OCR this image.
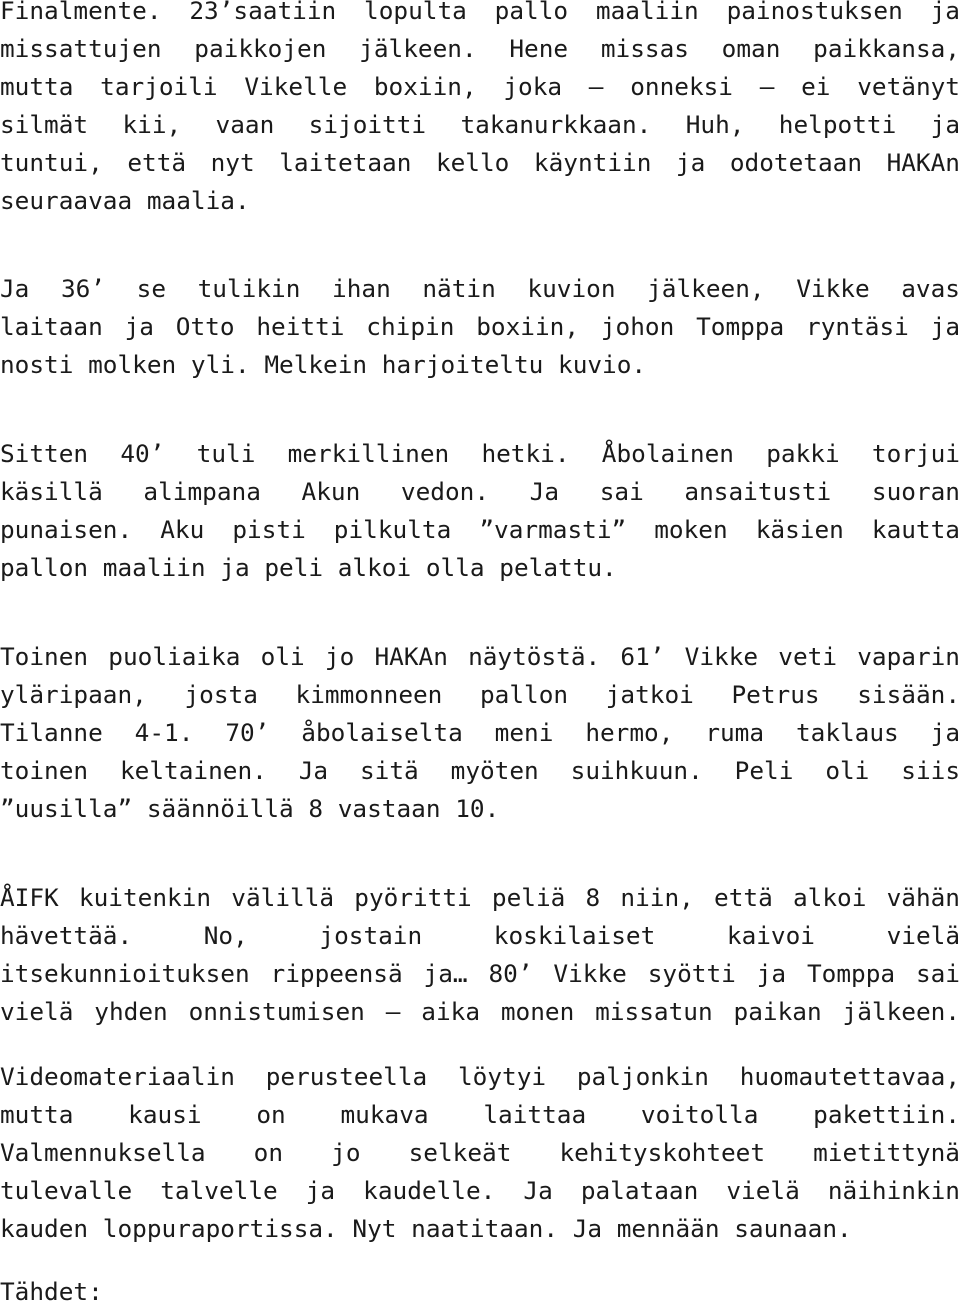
Finalmente. 23’saatiin lopulta pallo maaliin painostuksen ja
missattujen paikkojen jälkeen. Hene missas oman paikkansa,
mutta tarjoili Vikelle boxiin, joka – onneksi – ei vetänyt
silmät kii, vaan sijoitti takanurkkaan. Huh, helpotti ja
tuntui, että nyt laitetaan kello käyntiin ja odotetaan HAKAn
seuraavaa maalia.
Ja 36’ se tulikin ihan nätin kuvion jälkeen, Vikke avas
laitaan ja Otto heitti chipin boxiin, johon Tomppa ryntäsi ja
nosti molken yli. Melkein harjoiteltu kuvio.
Sitten 40’ tuli merkillinen hetki. Åbolainen pakki torjui
käsillä alimpana Akun vedon. Ja sai ansaitusti suoran
punaisen. Aku pisti pilkulta ”varmasti” moken käsien kautta
pallon maaliin ja peli alkoi olla pelattu.
Toinen puoliaika oli jo HAKAn näytöstä. 61’ Vikke veti vaparin
yläripaan, josta kimmonneen pallon jatkoi Petrus sisään.
Tilanne 4-1. 70’ åbolaiselta meni hermo, ruma taklaus ja
toinen keltainen. Ja sitä myöten suihkuun. Peli oli siis
”uusilla” säännöillä 8 vastaan 10.
ÅIFK kuitenkin välillä pyöritti peliä 8 niin, että alkoi vähän
hävettää. No, jostain koskilaiset kaivoi vielä
itsekunnioituksen rippeensä ja… 80’ Vikke syötti ja Tomppa sai
vielä yhden onnistumisen – aika monen missatun paikan jälkeen.
Videomateriaalin perusteella löytyi paljonkin huomautettavaa,
mutta kausi on mukava laittaa voitolla pakettiin.
Valmennuksella on jo selkeät kehityskohteet mietittynä
tulevalle talvelle ja kaudelle. Ja palataan vielä näihinkin
kauden loppuraportissa. Nyt naatitaan. Ja mennään saunaan.
Tähdet:
